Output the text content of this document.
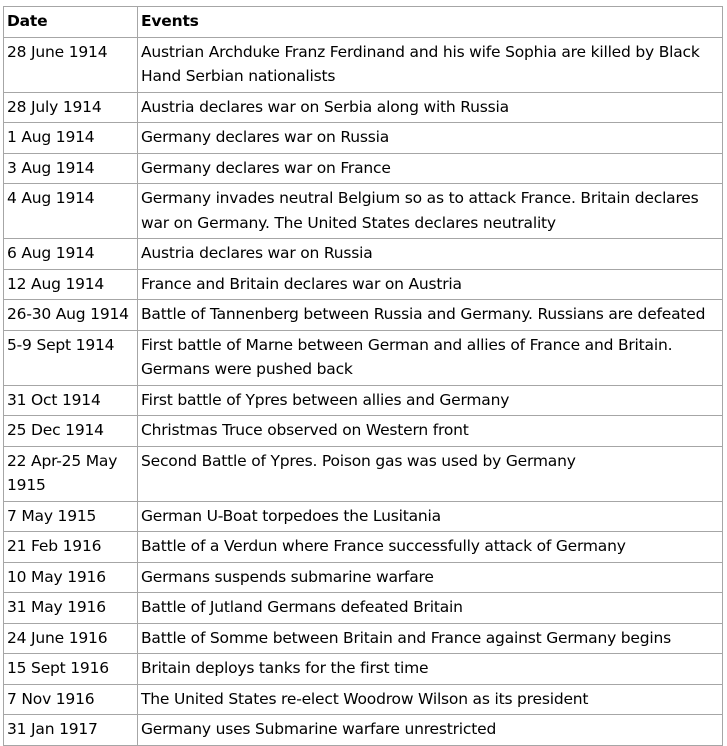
Date	Events
28 June 1914	Austrian Archduke Franz Ferdinand and his wife Sophia are killed by Black Hand Serbian nationalists
28 July 1914	Austria declares war on Serbia along with Russia
1 Aug 1914	Germany declares war on Russia
3 Aug 1914	Germany declares war on France
4 Aug 1914	Germany invades neutral Belgium so as to attack France. Britain declares war on Germany. The United States declares neutrality
6 Aug 1914	Austria declares war on Russia
12 Aug 1914	France and Britain declares war on Austria
26-30 Aug 1914	Battle of Tannenberg between Russia and Germany. Russians are defeated
5-9 Sept 1914	First battle of Marne between German and allies of France and Britain. Germans were pushed back
31 Oct 1914	First battle of Ypres between allies and Germany
25 Dec 1914	Christmas Truce observed on Western front
22 Apr-25 May 1915	Second Battle of Ypres. Poison gas was used by Germany
7 May 1915	German U-Boat torpedoes the Lusitania
21 Feb 1916	Battle of a Verdun where France successfully attack of Germany
10 May 1916	Germans suspends submarine warfare
31 May 1916	Battle of Jutland Germans defeated Britain
24 June 1916	Battle of Somme between Britain and France against Germany begins
15 Sept 1916	Britain deploys tanks for the first time
7 Nov 1916	The United States re-elect Woodrow Wilson as its president
31 Jan 1917	Germany uses Submarine warfare unrestricted
